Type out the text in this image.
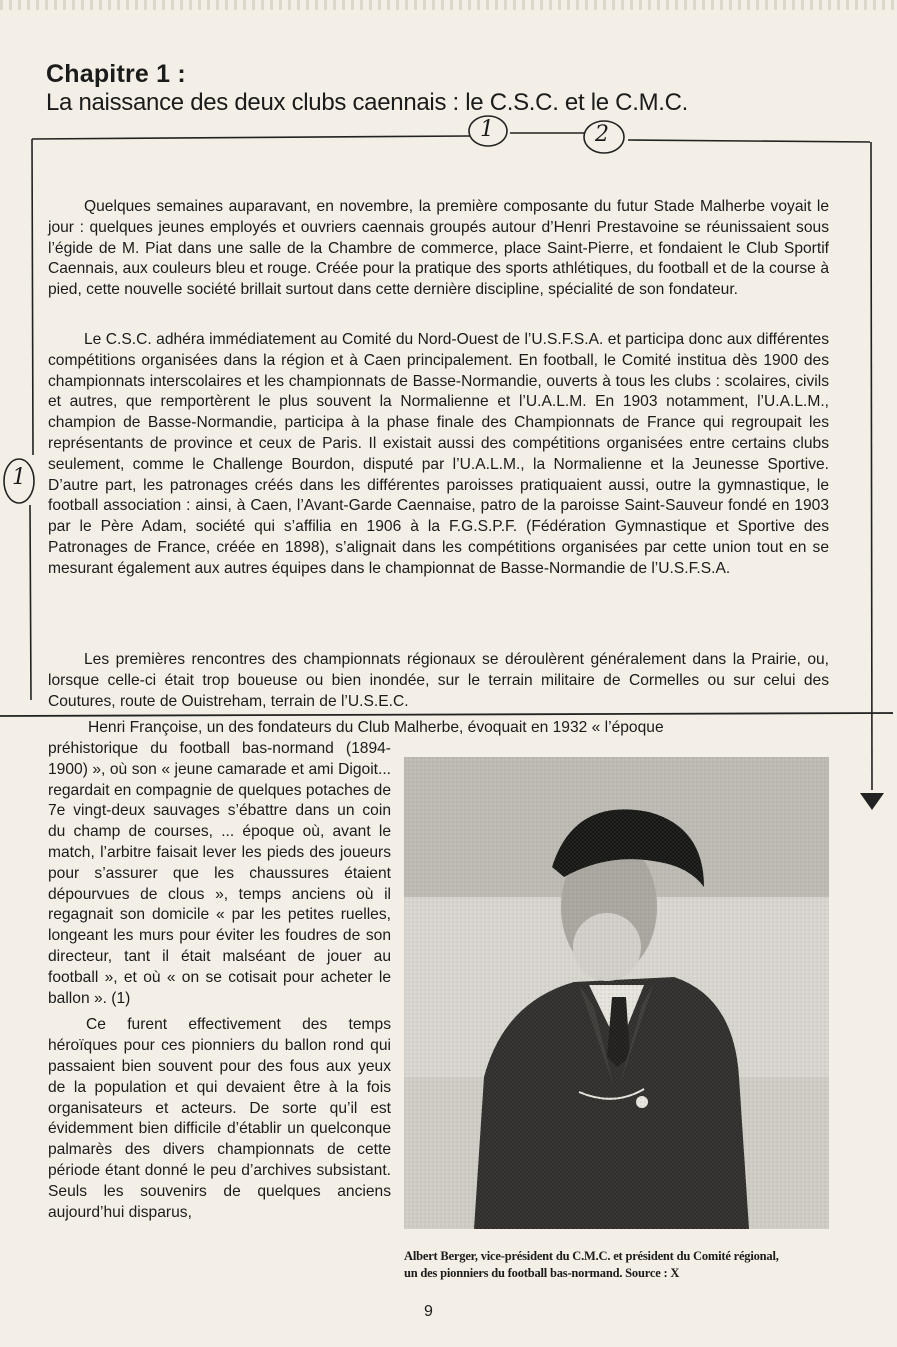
Chapitre 1 :
La naissance des deux clubs caennais : le C.S.C. et le C.M.C.
1	2
1

Quelques semaines auparavant, en novembre, la première composante du futur Stade Malherbe voyait le jour : quelques jeunes employés et ouvriers caennais groupés autour d’Henri Prestavoine se réunissaient sous l’égide de M. Piat dans une salle de la Chambre de commerce, place Saint-Pierre, et fondaient le Club Sportif Caennais, aux couleurs bleu et rouge. Créée pour la pratique des sports athlétiques, du football et de la course à pied, cette nouvelle société brillait surtout dans cette dernière discipline, spécialité de son fondateur.

Le C.S.C. adhéra immédiatement au Comité du Nord-Ouest de l’U.S.F.S.A. et participa donc aux différentes compétitions organisées dans la région et à Caen principalement. En football, le Comité institua dès 1900 des championnats interscolaires et les championnats de Basse-Normandie, ouverts à tous les clubs : scolaires, civils et autres, que remportèrent le plus souvent la Normalienne et l’U.A.L.M. En 1903 notamment, l’U.A.L.M., champion de Basse-Normandie, participa à la phase finale des Championnats de France qui regroupait les représentants de province et ceux de Paris. Il existait aussi des compétitions organisées entre certains clubs seulement, comme le Challenge Bourdon, disputé par l’U.A.L.M., la Normalienne et la Jeunesse Sportive. D’autre part, les patronages créés dans les différentes paroisses pratiquaient aussi, outre la gymnastique, le football association : ainsi, à Caen, l’Avant-Garde Caennaise, patro de la paroisse Saint-Sauveur fondé en 1903 par le Père Adam, société qui s’affilia en 1906 à la F.G.S.P.F. (Fédération Gymnastique et Sportive des Patronages de France, créée en 1898), s’alignait dans les compétitions organisées par cette union tout en se mesurant également aux autres équipes dans le championnat de Basse-Normandie de l’U.S.F.S.A.

Les premières rencontres des championnats régionaux se déroulèrent généralement dans la Prairie, ou, lorsque celle-ci était trop boueuse ou bien inondée, sur le terrain militaire de Cormelles ou sur celui des Coutures, route de Ouistreham, terrain de l’U.S.E.C.

Henri Françoise, un des fondateurs du Club Malherbe, évoquait en 1932 « l’époque

préhistorique du football bas-normand (1894-1900) », où son « jeune camarade et ami Digoit... regardait en compagnie de quelques potaches de 7e vingt-deux sauvages s’ébattre dans un coin du champ de courses, ... époque où, avant le match, l’arbitre faisait lever les pieds des joueurs pour s’assurer que les chaussures étaient dépourvues de clous », temps anciens où il regagnait son domicile « par les petites ruelles, longeant les murs pour éviter les foudres de son directeur, tant il était malséant de jouer au football », et où « on se cotisait pour acheter le ballon ». (1)

Ce furent effectivement des temps héroïques pour ces pionniers du ballon rond qui passaient bien souvent pour des fous aux yeux de la population et qui devaient être à la fois organisateurs et acteurs. De sorte qu’il est évidemment bien difficile d’établir un quelconque palmarès des divers championnats de cette période étant donné le peu d’archives subsistant. Seuls les souvenirs de quelques anciens aujourd’hui disparus,

Albert Berger, vice-président du C.M.C. et président du Comité régional,
un des pionniers du football bas-normand. Source : X
9
